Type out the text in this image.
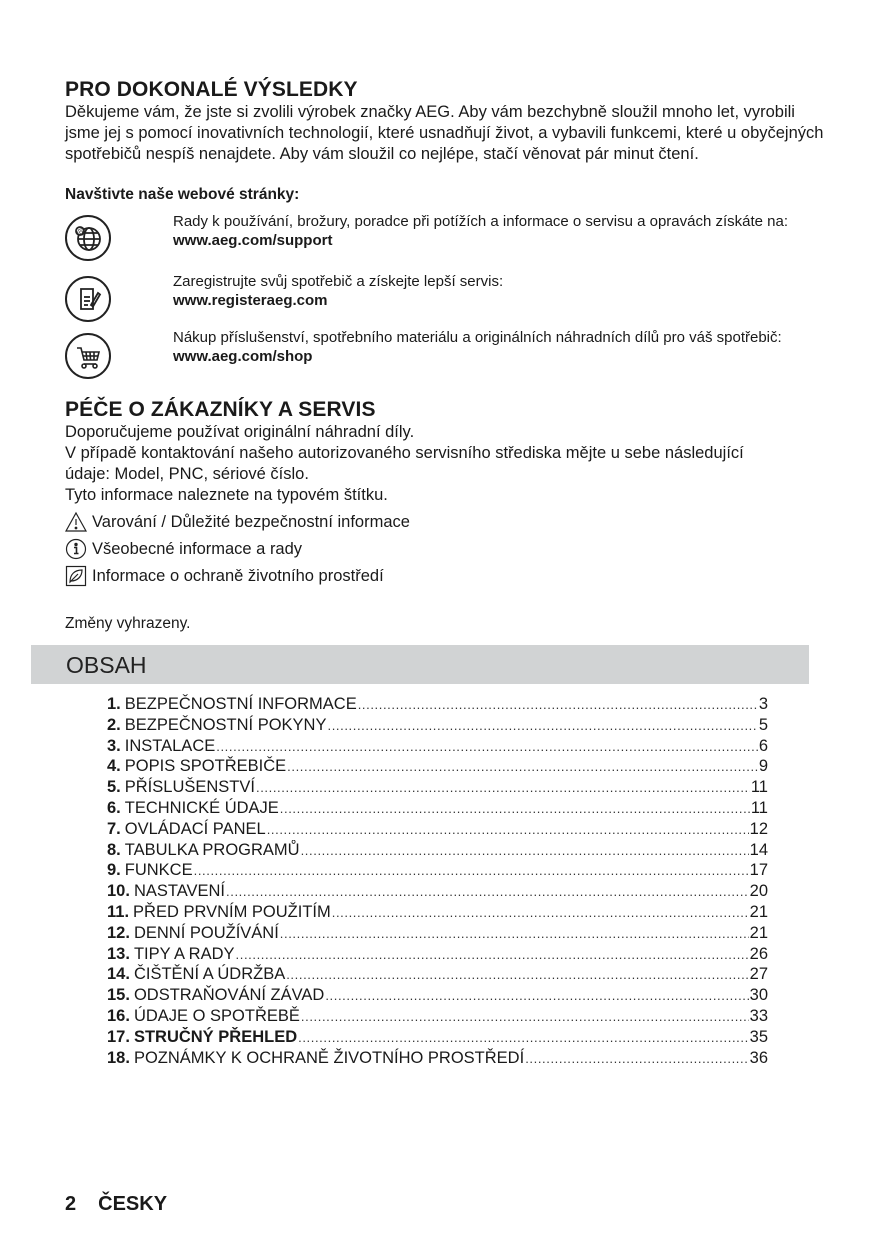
PRO DOKONALÉ VÝSLEDKY
Děkujeme vám, že jste si zvolili výrobek značky AEG. Aby vám bezchybně sloužil mnoho let, vyrobili jsme jej s pomocí inovativních technologií, které usnadňují život, a vybavili funkcemi, které u obyčejných spotřebičů nespíš nenajdete. Aby vám sloužil co nejlépe, stačí věnovat pár minut čtení.
Navštivte naše webové stránky:
@
Rady k používání, brožury, poradce při potížích a informace o servisu a opravách získáte na:
www.aeg.com/support
Zaregistrujte svůj spotřebič a získejte lepší servis:
www.registeraeg.com
Nákup příslušenství, spotřebního materiálu a originálních náhradních dílů pro váš spotřebič:
www.aeg.com/shop
PÉČE O ZÁKAZNÍKY A SERVIS
Doporučujeme používat originální náhradní díly.
V případě kontaktování našeho autorizovaného servisního střediska mějte u sebe následující údaje: Model, PNC, sériové číslo.
Tyto informace naleznete na typovém štítku.
Varování / Důležité bezpečnostní informace
Všeobecné informace a rady
Informace o ochraně životního prostředí
Změny vyhrazeny.
OBSAH
1. BEZPEČNOSTNÍ INFORMACE .....	3
2. BEZPEČNOSTNÍ POKYNY .....	5
3. INSTALACE .....	6
4. POPIS SPOTŘEBIČE .....	9
5. PŘÍSLUŠENSTVÍ .....	11
6. TECHNICKÉ ÚDAJE .....	11
7. OVLÁDACÍ PANEL .....	12
8. TABULKA PROGRAMŮ .....	14
9. FUNKCE .....	17
10. NASTAVENÍ .....	20
11. PŘED PRVNÍM POUŽITÍM .....	21
12. DENNÍ POUŽÍVÁNÍ .....	21
13. TIPY A RADY .....	26
14. ČIŠTĚNÍ A ÚDRŽBA .....	27
15. ODSTRAŇOVÁNÍ ZÁVAD .....	30
16. ÚDAJE O SPOTŘEBĚ .....	33
17. STRUČNÝ PŘEHLED .....	35
18. POZNÁMKY K OCHRANĚ ŽIVOTNÍHO PROSTŘEDÍ .....	36
2 ČESKY
